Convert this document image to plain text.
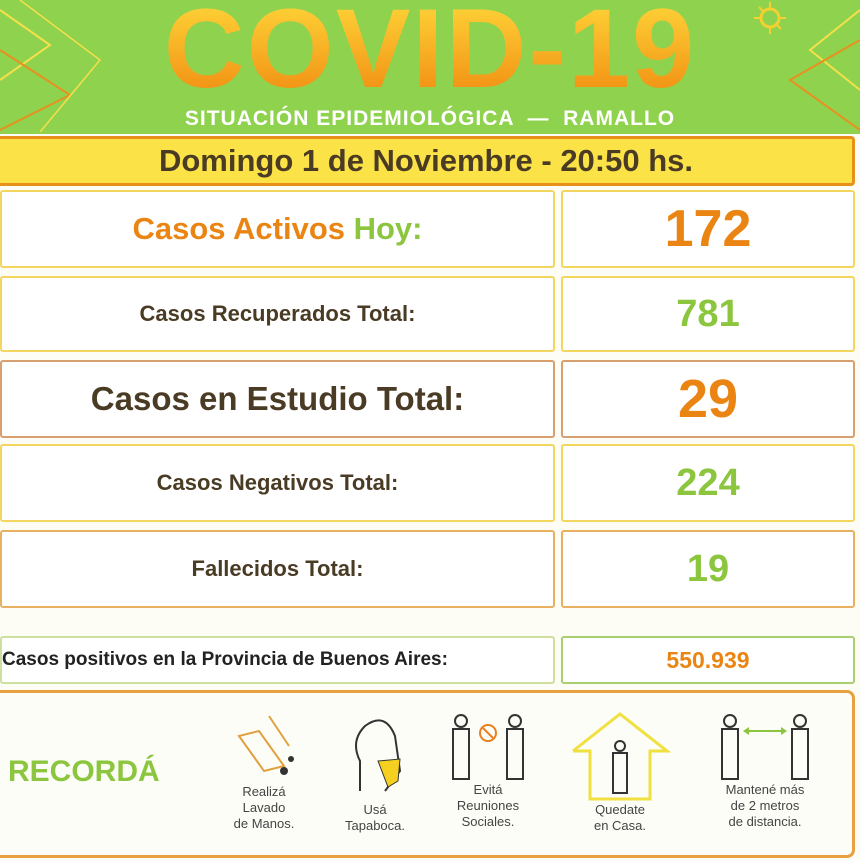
COVID-19
SITUACIÓN EPIDEMIOLÓGICA  —  RAMALLO
Domingo 1 de Noviembre - 20:50 hs.
Casos Activos Hoy:	172
Casos Recuperados Total:	781
Casos en Estudio Total:	29
Casos Negativos Total:	224
Fallecidos Total:	19
Casos positivos en la Provincia de Buenos Aires:	550.939
RECORDÁ
Realizá
Lavado
de Manos.
Usá
Tapaboca.
Evitá
Reuniones
Sociales.
Quedate
en Casa.
Mantené más
de 2 metros
de distancia.
